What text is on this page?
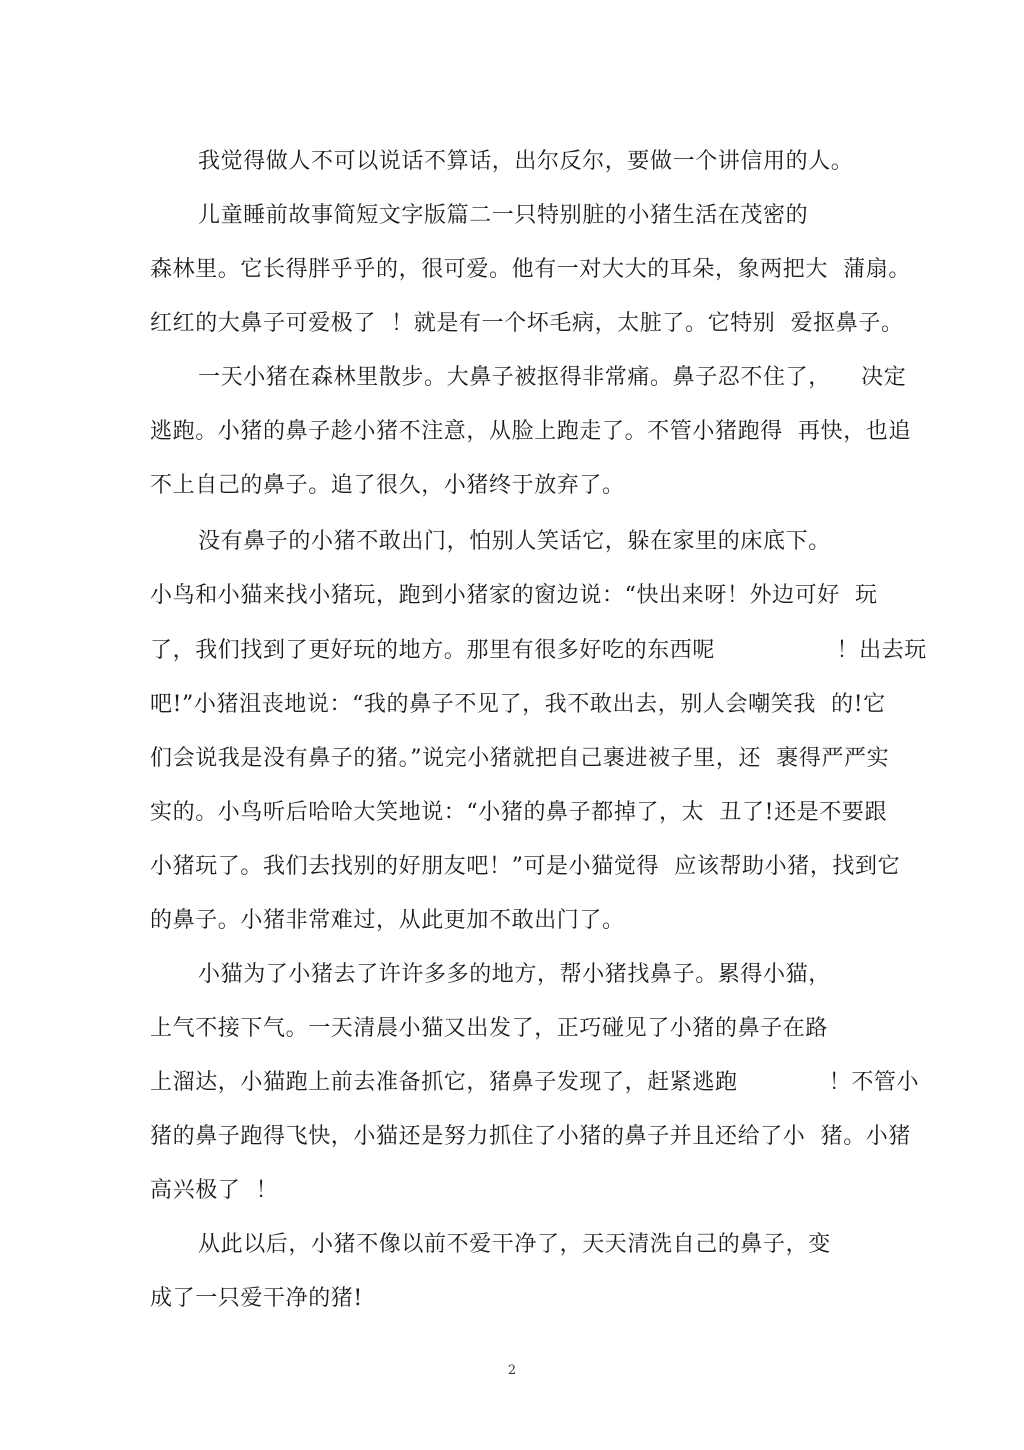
我觉得做人不可以说话不算话，出尔反尔，要做一个讲信用的人。
儿童睡前故事简短文字版篇二一只特别脏的小猪生活在茂密的
森林里。它长得胖乎乎的，很可爱。他有一对大大的耳朵，象两把大  蒲扇。
红红的大鼻子可爱极了  ！就是有一个坏毛病，太脏了。它特别  爱抠鼻子。
一天小猪在森林里散步。大鼻子被抠得非常痛。鼻子忍不住了，    决定
逃跑。小猪的鼻子趁小猪不注意，从脸上跑走了。不管小猪跑得  再快，也追
不上自己的鼻子。追了很久，小猪终于放弃了。
没有鼻子的小猪不敢出门，怕别人笑话它，躲在家里的床底下。
小鸟和小猫来找小猪玩，跑到小猪家的窗边说：“快出来呀！外边可好  玩
了，我们找到了更好玩的地方。那里有很多好吃的东西呢                ！出去玩
吧!”小猪沮丧地说：“我的鼻子不见了，我不敢出去，别人会嘲笑我  的!它
们会说我是没有鼻子的猪。”说完小猪就把自己裹进被子里，还  裹得严严实
实的。小鸟听后哈哈大笑地说：“小猪的鼻子都掉了，太  丑了!还是不要跟
小猪玩了。我们去找别的好朋友吧！”可是小猫觉得  应该帮助小猪，找到它
的鼻子。小猪非常难过，从此更加不敢出门了。
小猫为了小猪去了许许多多的地方，帮小猪找鼻子。累得小猫，
上气不接下气。一天清晨小猫又出发了，正巧碰见了小猪的鼻子在路
上溜达，小猫跑上前去准备抓它，猪鼻子发现了，赶紧逃跑            ！不管小
猪的鼻子跑得飞快，小猫还是努力抓住了小猪的鼻子并且还给了小  猪。小猪
高兴极了  ！
从此以后，小猪不像以前不爱干净了，天天清洗自己的鼻子，变
成了一只爱干净的猪!
2
